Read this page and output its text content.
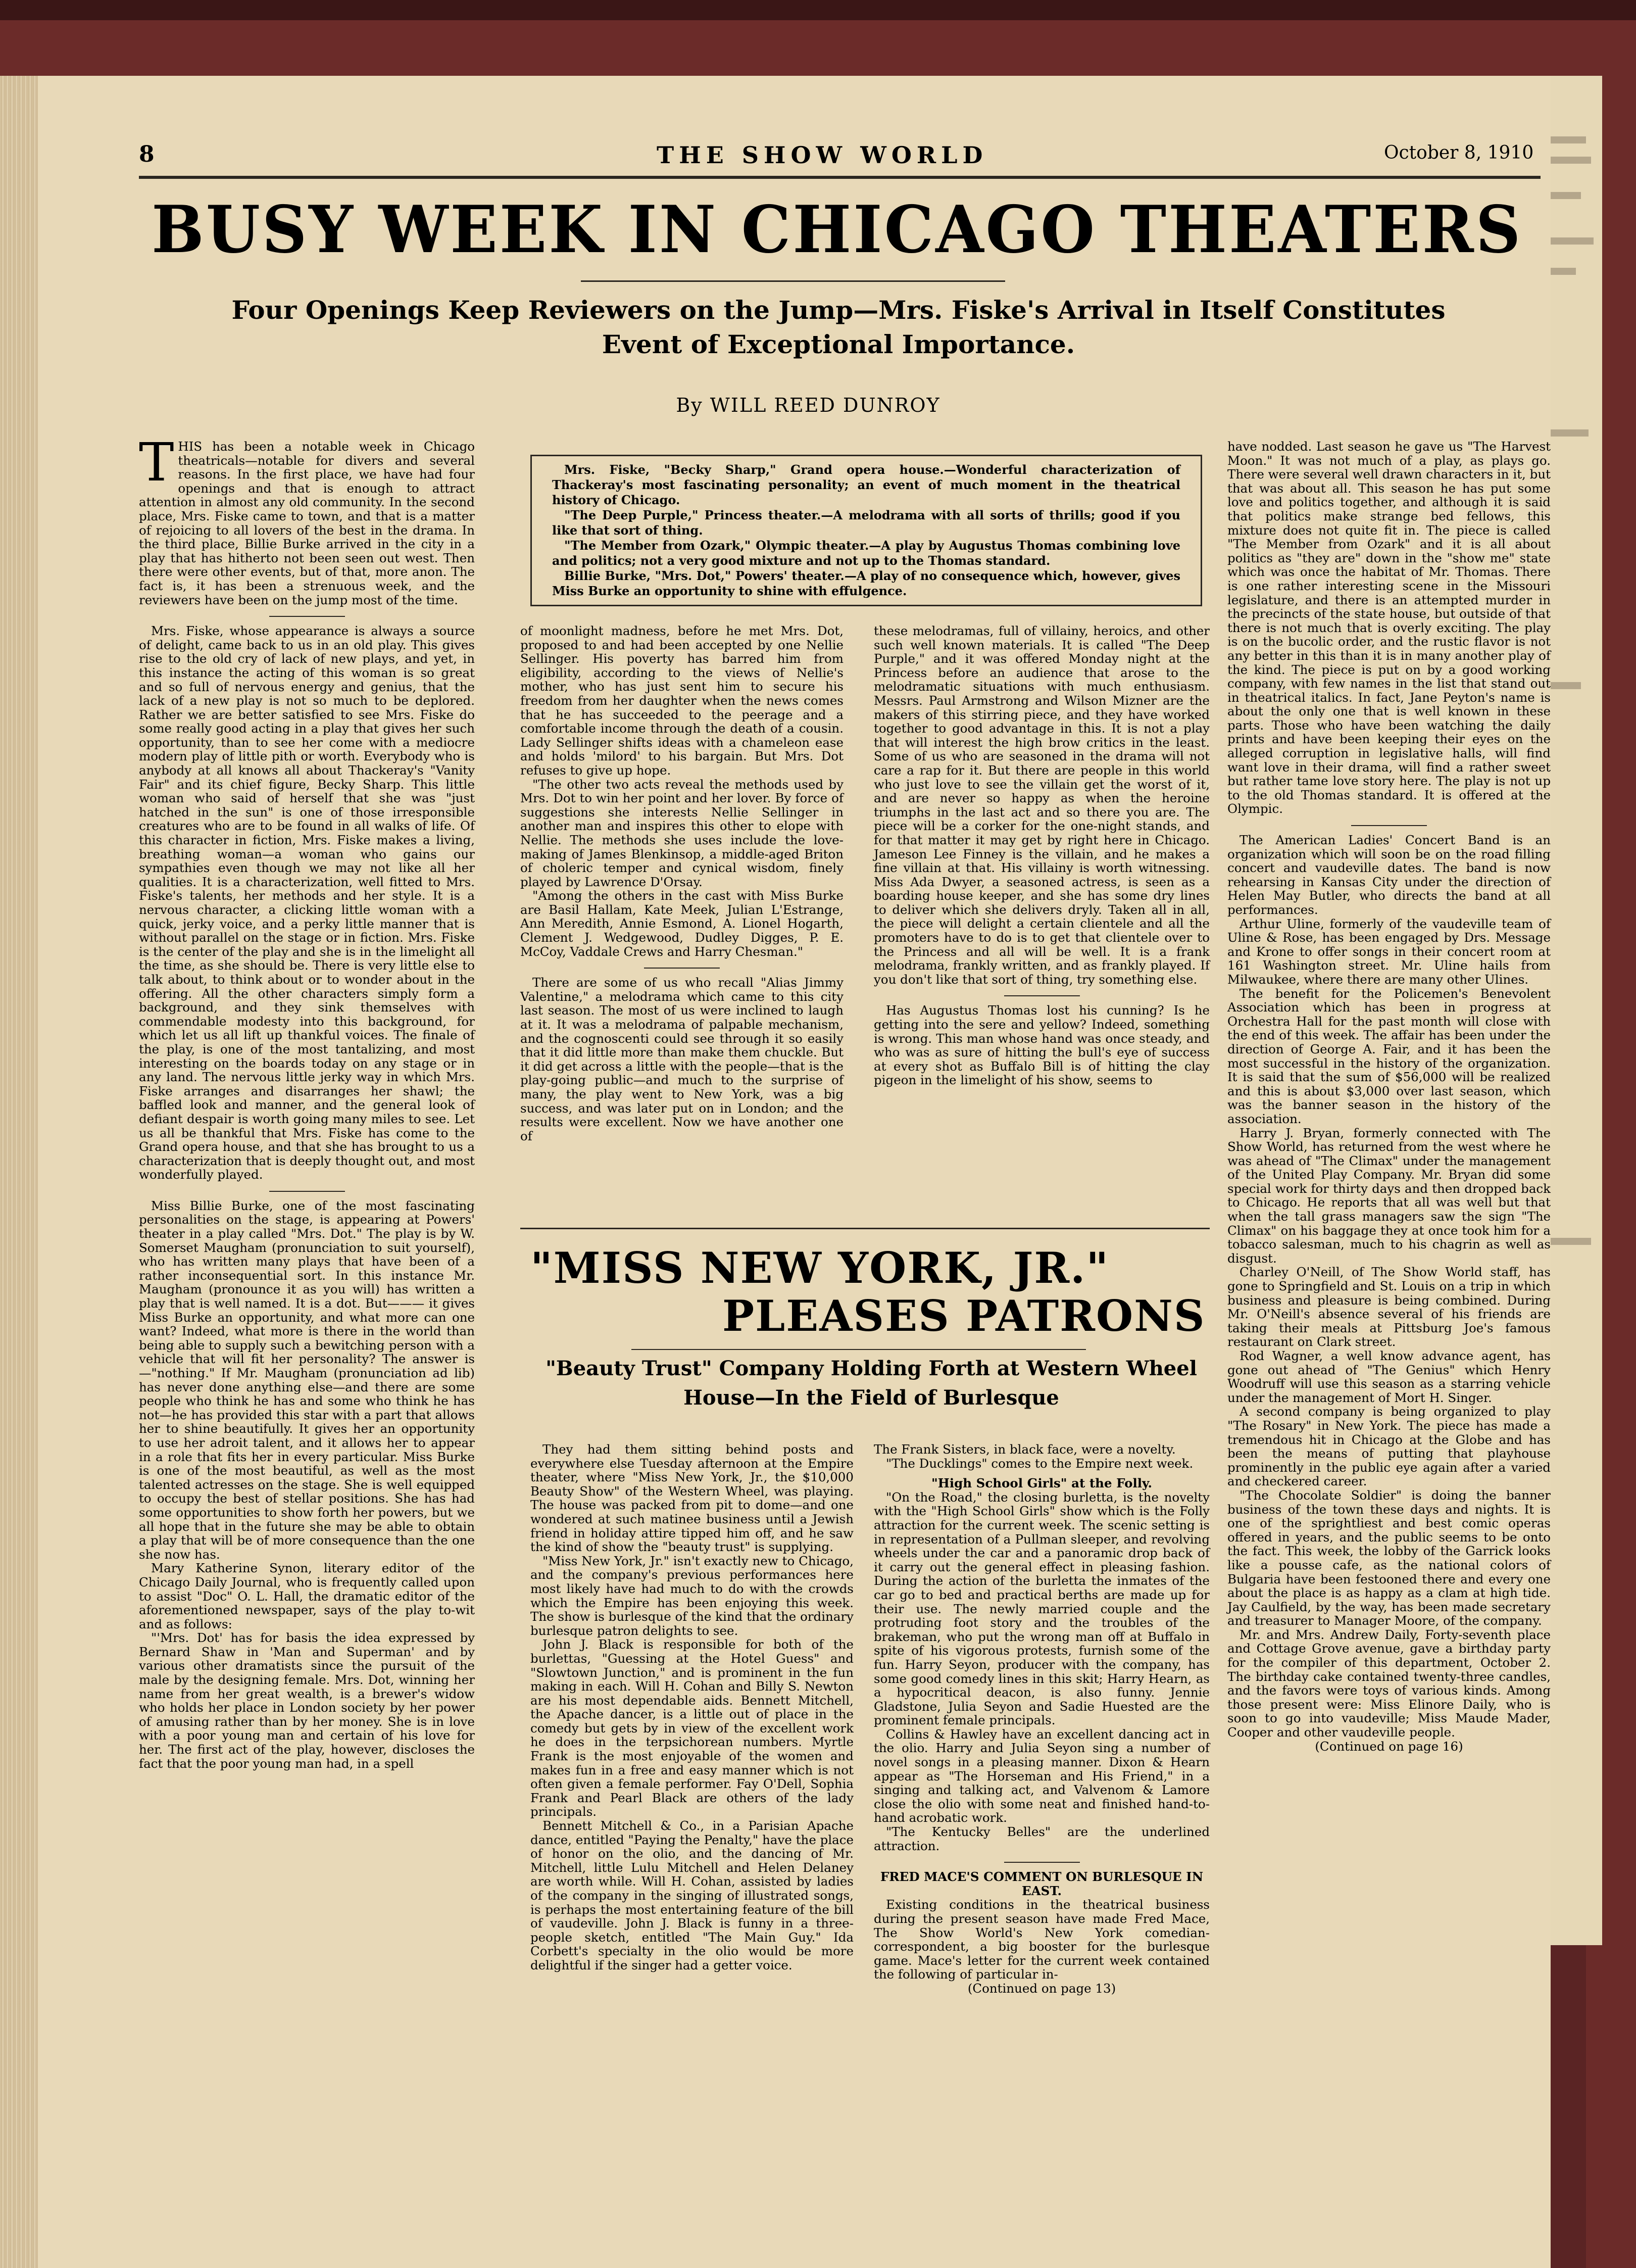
8	THE SHOW WORLD	October 8, 1910
BUSY WEEK IN CHICAGO THEATERS
Four Openings Keep Reviewers on the Jump—Mrs. Fiske's Arrival in Itself Constitutes Event of Exceptional Importance.
By WILL REED DUNROY

THIS has been a notable week in Chicago theatricals—notable for divers and several reasons. In the first place, we have had four openings and that is enough to attract attention in almost any old community. In the second place, Mrs. Fiske came to town, and that is a matter of rejoicing to all lovers of the best in the drama. In the third place, Billie Burke arrived in the city in a play that has hitherto not been seen out west. Then there were other events, but of that, more anon. The fact is, it has been a strenuous week, and the reviewers have been on the jump most of the time.

Mrs. Fiske, whose appearance is always a source of delight, came back to us in an old play. This gives rise to the old cry of lack of new plays, and yet, in this instance the acting of this woman is so great and so full of nervous energy and genius, that the lack of a new play is not so much to be deplored. Rather we are better satisfied to see Mrs. Fiske do some really good acting in a play that gives her such opportunity, than to see her come with a mediocre modern play of little pith or worth. Everybody who is anybody at all knows all about Thackeray's "Vanity Fair" and its chief figure, Becky Sharp. This little woman who said of herself that she was "just hatched in the sun" is one of those irresponsible creatures who are to be found in all walks of life. Of this character in fiction, Mrs. Fiske makes a living, breathing woman—a woman who gains our sympathies even though we may not like all her qualities. It is a characterization, well fitted to Mrs. Fiske's talents, her methods and her style. It is a nervous character, a clicking little woman with a quick, jerky voice, and a perky little manner that is without parallel on the stage or in fiction. Mrs. Fiske is the center of the play and she is in the limelight all the time, as she should be. There is very little else to talk about, to think about or to wonder about in the offering. All the other characters simply form a background, and they sink themselves with commendable modesty into this background, for which let us all lift up thankful voices. The finale of the play, is one of the most tantalizing, and most interesting on the boards today on any stage or in any land. The nervous little jerky way in which Mrs. Fiske arranges and disarranges her shawl; the baffled look and manner, and the general look of defiant despair is worth going many miles to see. Let us all be thankful that Mrs. Fiske has come to the Grand opera house, and that she has brought to us a characterization that is deeply thought out, and most wonderfully played.

Miss Billie Burke, one of the most fascinating personalities on the stage, is appearing at Powers' theater in a play called "Mrs. Dot." The play is by W. Somerset Maugham (pronunciation to suit yourself), who has written many plays that have been of a rather inconsequential sort. In this instance Mr. Maugham (pronounce it as you will) has written a play that is well named. It is a dot. But——— it gives Miss Burke an opportunity, and what more can one want? Indeed, what more is there in the world than being able to supply such a bewitching person with a vehicle that will fit her personality? The answer is—"nothing." If Mr. Maugham (pronunciation ad lib) has never done anything else—and there are some people who think he has and some who think he has not—he has provided this star with a part that allows her to shine beautifully. It gives her an opportunity to use her adroit talent, and it allows her to appear in a role that fits her in every particular. Miss Burke is one of the most beautiful, as well as the most talented actresses on the stage. She is well equipped to occupy the best of stellar positions. She has had some opportunities to show forth her powers, but we all hope that in the future she may be able to obtain a play that will be of more consequence than the one she now has.

Mary Katherine Synon, literary editor of the Chicago Daily Journal, who is frequently called upon to assist "Doc" O. L. Hall, the dramatic editor of the aforementioned newspaper, says of the play to-wit and as follows:

"'Mrs. Dot' has for basis the idea expressed by Bernard Shaw in 'Man and Superman' and by various other dramatists since the pursuit of the male by the designing female. Mrs. Dot, winning her name from her great wealth, is a brewer's widow who holds her place in London society by her power of amusing rather than by her money. She is in love with a poor young man and certain of his love for her. The first act of the play, however, discloses the fact that the poor young man had, in a spell

Mrs. Fiske, "Becky Sharp," Grand opera house.—Wonderful characterization of Thackeray's most fascinating personality; an event of much moment in the theatrical history of Chicago.

"The Deep Purple," Princess theater.—A melodrama with all sorts of thrills; good if you like that sort of thing.

"The Member from Ozark," Olympic theater.—A play by Augustus Thomas combining love and politics; not a very good mixture and not up to the Thomas standard.

Billie Burke, "Mrs. Dot," Powers' theater.—A play of no consequence which, however, gives Miss Burke an opportunity to shine with effulgence.

of moonlight madness, before he met Mrs. Dot, proposed to and had been accepted by one Nellie Sellinger. His poverty has barred him from eligibility, according to the views of Nellie's mother, who has just sent him to secure his freedom from her daughter when the news comes that he has succeeded to the peerage and a comfortable income through the death of a cousin. Lady Sellinger shifts ideas with a chameleon ease and holds 'milord' to his bargain. But Mrs. Dot refuses to give up hope.

"The other two acts reveal the methods used by Mrs. Dot to win her point and her lover. By force of suggestions she interests Nellie Sellinger in another man and inspires this other to elope with Nellie. The methods she uses include the love-making of James Blenkinsop, a middle-aged Briton of choleric temper and cynical wisdom, finely played by Lawrence D'Orsay.

"Among the others in the cast with Miss Burke are Basil Hallam, Kate Meek, Julian L'Estrange, Ann Meredith, Annie Esmond, A. Lionel Hogarth, Clement J. Wedgewood, Dudley Digges, P. E. McCoy, Vaddale Crews and Harry Chesman."

There are some of us who recall "Alias Jimmy Valentine," a melodrama which came to this city last season. The most of us were inclined to laugh at it. It was a melodrama of palpable mechanism, and the cognoscenti could see through it so easily that it did little more than make them chuckle. But it did get across a little with the people—that is the play-going public—and much to the surprise of many, the play went to New York, was a big success, and was later put on in London; and the results were excellent. Now we have another one of

these melodramas, full of villainy, heroics, and other such well known materials. It is called "The Deep Purple," and it was offered Monday night at the Princess before an audience that arose to the melodramatic situations with much enthusiasm. Messrs. Paul Armstrong and Wilson Mizner are the makers of this stirring piece, and they have worked together to good advantage in this. It is not a play that will interest the high brow critics in the least. Some of us who are seasoned in the drama will not care a rap for it. But there are people in this world who just love to see the villain get the worst of it, and are never so happy as when the heroine triumphs in the last act and so there you are. The piece will be a corker for the one-night stands, and for that matter it may get by right here in Chicago. Jameson Lee Finney is the villain, and he makes a fine villain at that. His villainy is worth witnessing. Miss Ada Dwyer, a seasoned actress, is seen as a boarding house keeper, and she has some dry lines to deliver which she delivers dryly. Taken all in all, the piece will delight a certain clientele and all the promoters have to do is to get that clientele over to the Princess and all will be well. It is a frank melodrama, frankly written, and as frankly played. If you don't like that sort of thing, try something else.

Has Augustus Thomas lost his cunning? Is he getting into the sere and yellow? Indeed, something is wrong. This man whose hand was once steady, and who was as sure of hitting the bull's eye of success at every shot as Buffalo Bill is of hitting the clay pigeon in the limelight of his show, seems to

have nodded. Last season he gave us "The Harvest Moon." It was not much of a play, as plays go. There were several well drawn characters in it, but that was about all. This season he has put some love and politics together, and although it is said that politics make strange bed fellows, this mixture does not quite fit in. The piece is called "The Member from Ozark" and it is all about politics as "they are" down in the "show me" state which was once the habitat of Mr. Thomas. There is one rather interesting scene in the Missouri legislature, and there is an attempted murder in the precincts of the state house, but outside of that there is not much that is overly exciting. The play is on the bucolic order, and the rustic flavor is not any better in this than it is in many another play of the kind. The piece is put on by a good working company, with few names in the list that stand out in theatrical italics. In fact, Jane Peyton's name is about the only one that is well known in these parts. Those who have been watching the daily prints and have been keeping their eyes on the alleged corruption in legislative halls, will find want love in their drama, will find a rather sweet but rather tame love story here. The play is not up to the old Thomas standard. It is offered at the Olympic.

The American Ladies' Concert Band is an organization which will soon be on the road filling concert and vaudeville dates. The band is now rehearsing in Kansas City under the direction of Helen May Butler, who directs the band at all performances.

Arthur Uline, formerly of the vaudeville team of Uline & Rose, has been engaged by Drs. Message and Krone to offer songs in their concert room at 161 Washington street. Mr. Uline hails from Milwaukee, where there are many other Ulines.

The benefit for the Policemen's Benevolent Association which has been in progress at Orchestra Hall for the past month will close with the end of this week. The affair has been under the direction of George A. Fair, and it has been the most successful in the history of the organization. It is said that the sum of $56,000 will be realized and this is about $3,000 over last season, which was the banner season in the history of the association.

Harry J. Bryan, formerly connected with The Show World, has returned from the west where he was ahead of "The Climax" under the management of the United Play Company. Mr. Bryan did some special work for thirty days and then dropped back to Chicago. He reports that all was well but that when the tall grass managers saw the sign "The Climax" on his baggage they at once took him for a tobacco salesman, much to his chagrin as well as disgust.

Charley O'Neill, of The Show World staff, has gone to Springfield and St. Louis on a trip in which business and pleasure is being combined. During Mr. O'Neill's absence several of his friends are taking their meals at Pittsburg Joe's famous restaurant on Clark street.

Rod Wagner, a well know advance agent, has gone out ahead of "The Genius" which Henry Woodruff will use this season as a starring vehicle under the management of Mort H. Singer.

A second company is being organized to play "The Rosary" in New York. The piece has made a tremendous hit in Chicago at the Globe and has been the means of putting that playhouse prominently in the public eye again after a varied and checkered career.

"The Chocolate Soldier" is doing the banner business of the town these days and nights. It is one of the sprightliest and best comic operas offered in years, and the public seems to be onto the fact. This week, the lobby of the Garrick looks like a pousse cafe, as the national colors of Bulgaria have been festooned there and every one about the place is as happy as a clam at high tide. Jay Caulfield, by the way, has been made secretary and treasurer to Manager Moore, of the company.

Mr. and Mrs. Andrew Daily, Forty-seventh place and Cottage Grove avenue, gave a birthday party for the compiler of this department, October 2. The birthday cake contained twenty-three candles, and the favors were toys of various kinds. Among those present were: Miss Elinore Daily, who is soon to go into vaudeville; Miss Maude Mader, Cooper and other vaudeville people.

(Continued on page 16)

"MISS NEW YORK, JR."
PLEASES PATRONS
"Beauty Trust" Company Holding Forth at Western Wheel House—In the Field of Burlesque

They had them sitting behind posts and everywhere else Tuesday afternoon at the Empire theater, where "Miss New York, Jr., the $10,000 Beauty Show" of the Western Wheel, was playing. The house was packed from pit to dome—and one wondered at such matinee business until a Jewish friend in holiday attire tipped him off, and he saw the kind of show the "beauty trust" is supplying.

"Miss New York, Jr." isn't exactly new to Chicago, and the company's previous performances here most likely have had much to do with the crowds which the Empire has been enjoying this week. The show is burlesque of the kind that the ordinary burlesque patron delights to see.

John J. Black is responsible for both of the burlettas, "Guessing at the Hotel Guess" and "Slowtown Junction," and is prominent in the fun making in each. Will H. Cohan and Billy S. Newton are his most dependable aids. Bennett Mitchell, the Apache dancer, is a little out of place in the comedy but gets by in view of the excellent work he does in the terpsichorean numbers. Myrtle Frank is the most enjoyable of the women and makes fun in a free and easy manner which is not often given a female performer. Fay O'Dell, Sophia Frank and Pearl Black are others of the lady principals.

Bennett Mitchell & Co., in a Parisian Apache dance, entitled "Paying the Penalty," have the place of honor on the olio, and the dancing of Mr. Mitchell, little Lulu Mitchell and Helen Delaney are worth while. Will H. Cohan, assisted by ladies of the company in the singing of illustrated songs, is perhaps the most entertaining feature of the bill of vaudeville. John J. Black is funny in a three-people sketch, entitled "The Main Guy." Ida Corbett's specialty in the olio would be more delightful if the singer had a getter voice.

The Frank Sisters, in black face, were a novelty.

"The Ducklings" comes to the Empire next week.

"High School Girls" at the Folly.

"On the Road," the closing burletta, is the novelty with the "High School Girls" show which is the Folly attraction for the current week. The scenic setting is in representation of a Pullman sleeper, and revolving wheels under the car and a panoramic drop back of it carry out the general effect in pleasing fashion. During the action of the burletta the inmates of the car go to bed and practical berths are made up for their use. The newly married couple and the protruding foot story and the troubles of the brakeman, who put the wrong man off at Buffalo in spite of his vigorous protests, furnish some of the fun. Harry Seyon, producer with the company, has some good comedy lines in this skit; Harry Hearn, as a hypocritical deacon, is also funny. Jennie Gladstone, Julia Seyon and Sadie Huested are the prominent female principals.

Collins & Hawley have an excellent dancing act in the olio. Harry and Julia Seyon sing a number of novel songs in a pleasing manner. Dixon & Hearn appear as "The Horseman and His Friend," in a singing and talking act, and Valvenom & Lamore close the olio with some neat and finished hand-to-hand acrobatic work.

"The Kentucky Belles" are the underlined attraction.

FRED MACE'S COMMENT ON BURLESQUE IN EAST.

Existing conditions in the theatrical business during the present season have made Fred Mace, The Show World's New York comedian-correspondent, a big booster for the burlesque game. Mace's letter for the current week contained the following of particular in-

(Continued on page 13)
